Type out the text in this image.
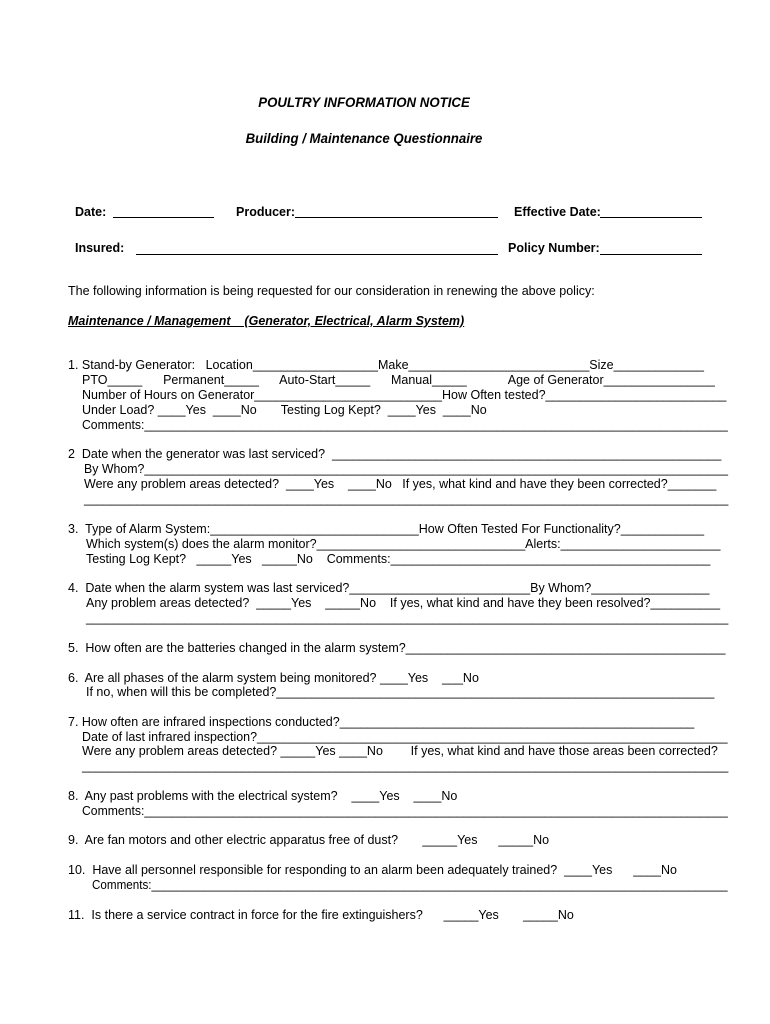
POULTRY INFORMATION NOTICE
Building / Maintenance Questionnaire
Date:	Producer:	Effective Date:
Insured:	Policy Number:
The following information is being requested for our consideration in renewing the above policy:
Maintenance / Management    (Generator, Electrical, Alarm System)
1. Stand-by Generator:   Location__________________Make__________________________Size_____________
PTO_____      Permanent_____      Auto-Start_____      Manual_____            Age of Generator________________
Number of Hours on Generator___________________________How Often tested?__________________________
Under Load? ____Yes  ____No       Testing Log Kept?  ____Yes  ____No
Comments:______________________________________________________________________________________
2  Date when the generator was last serviced?  ________________________________________________________
By Whom?_____________________________________________________________________________________
Were any problem areas detected?  ____Yes    ____No   If yes, what kind and have they been corrected?_______
__________________________________________________________________________________________________
3.  Type of Alarm System:______________________________How Often Tested For Functionality?____________
Which system(s) does the alarm monitor?______________________________Alerts:_______________________
Testing Log Kept?   _____Yes   _____No    Comments:______________________________________________
4.  Date when the alarm system was last serviced?__________________________By Whom?_________________
Any problem areas detected?  _____Yes    _____No    If yes, what kind and have they been resolved?__________
__________________________________________________________________________________________________
5.  How often are the batteries changed in the alarm system?______________________________________________
6.  Are all phases of the alarm system being monitored? ____Yes    ___No
If no, when will this be completed?_______________________________________________________________
7. How often are infrared inspections conducted?___________________________________________________
Date of last infrared inspection?____________________________________________________________________
Were any problem areas detected? _____Yes ____No        If yes, what kind and have those areas been corrected?
_________________________________________________________________________________________________
8.  Any past problems with the electrical system?    ____Yes    ____No
Comments:______________________________________________________________________________________
9.  Are fan motors and other electric apparatus free of dust?       _____Yes      _____No
10.  Have all personnel responsible for responding to an alarm been adequately trained?  ____Yes      ____No
Comments:_________________________________________________________________________________________
11.  Is there a service contract in force for the fire extinguishers?      _____Yes       _____No
